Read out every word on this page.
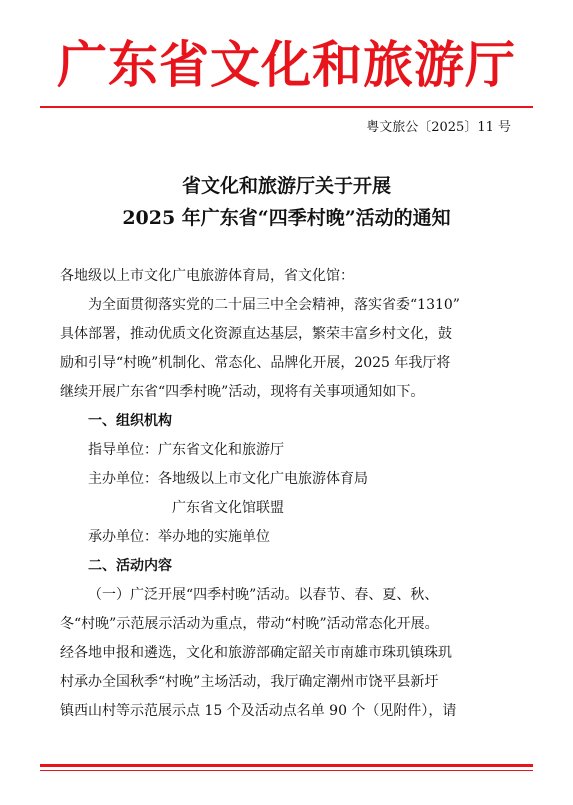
广东省文化和旅游厅
粤文旅公〔2025〕11 号
省文化和旅游厅关于开展
2025 年广东省“四季村晚”活动的通知
各地级以上市文化广电旅游体育局，省文化馆：
为全面贯彻落实党的二十届三中全会精神，落实省委“1310”
具体部署，推动优质文化资源直达基层，繁荣丰富乡村文化，鼓
励和引导“村晚”机制化、常态化、品牌化开展，2025 年我厅将
继续开展广东省“四季村晚”活动，现将有关事项通知如下。
一、组织机构
指导单位：广东省文化和旅游厅
主办单位：各地级以上市文化广电旅游体育局
广东省文化馆联盟
承办单位：举办地的实施单位
二、活动内容
（一）广泛开展“四季村晚”活动。以春节、春、夏、秋、
冬“村晚”示范展示活动为重点，带动“村晚”活动常态化开展。
经各地申报和遴选，文化和旅游部确定韶关市南雄市珠玑镇珠玑
村承办全国秋季“村晚”主场活动，我厅确定潮州市饶平县新圩
镇西山村等示范展示点 15 个及活动点名单 90 个（见附件），请
